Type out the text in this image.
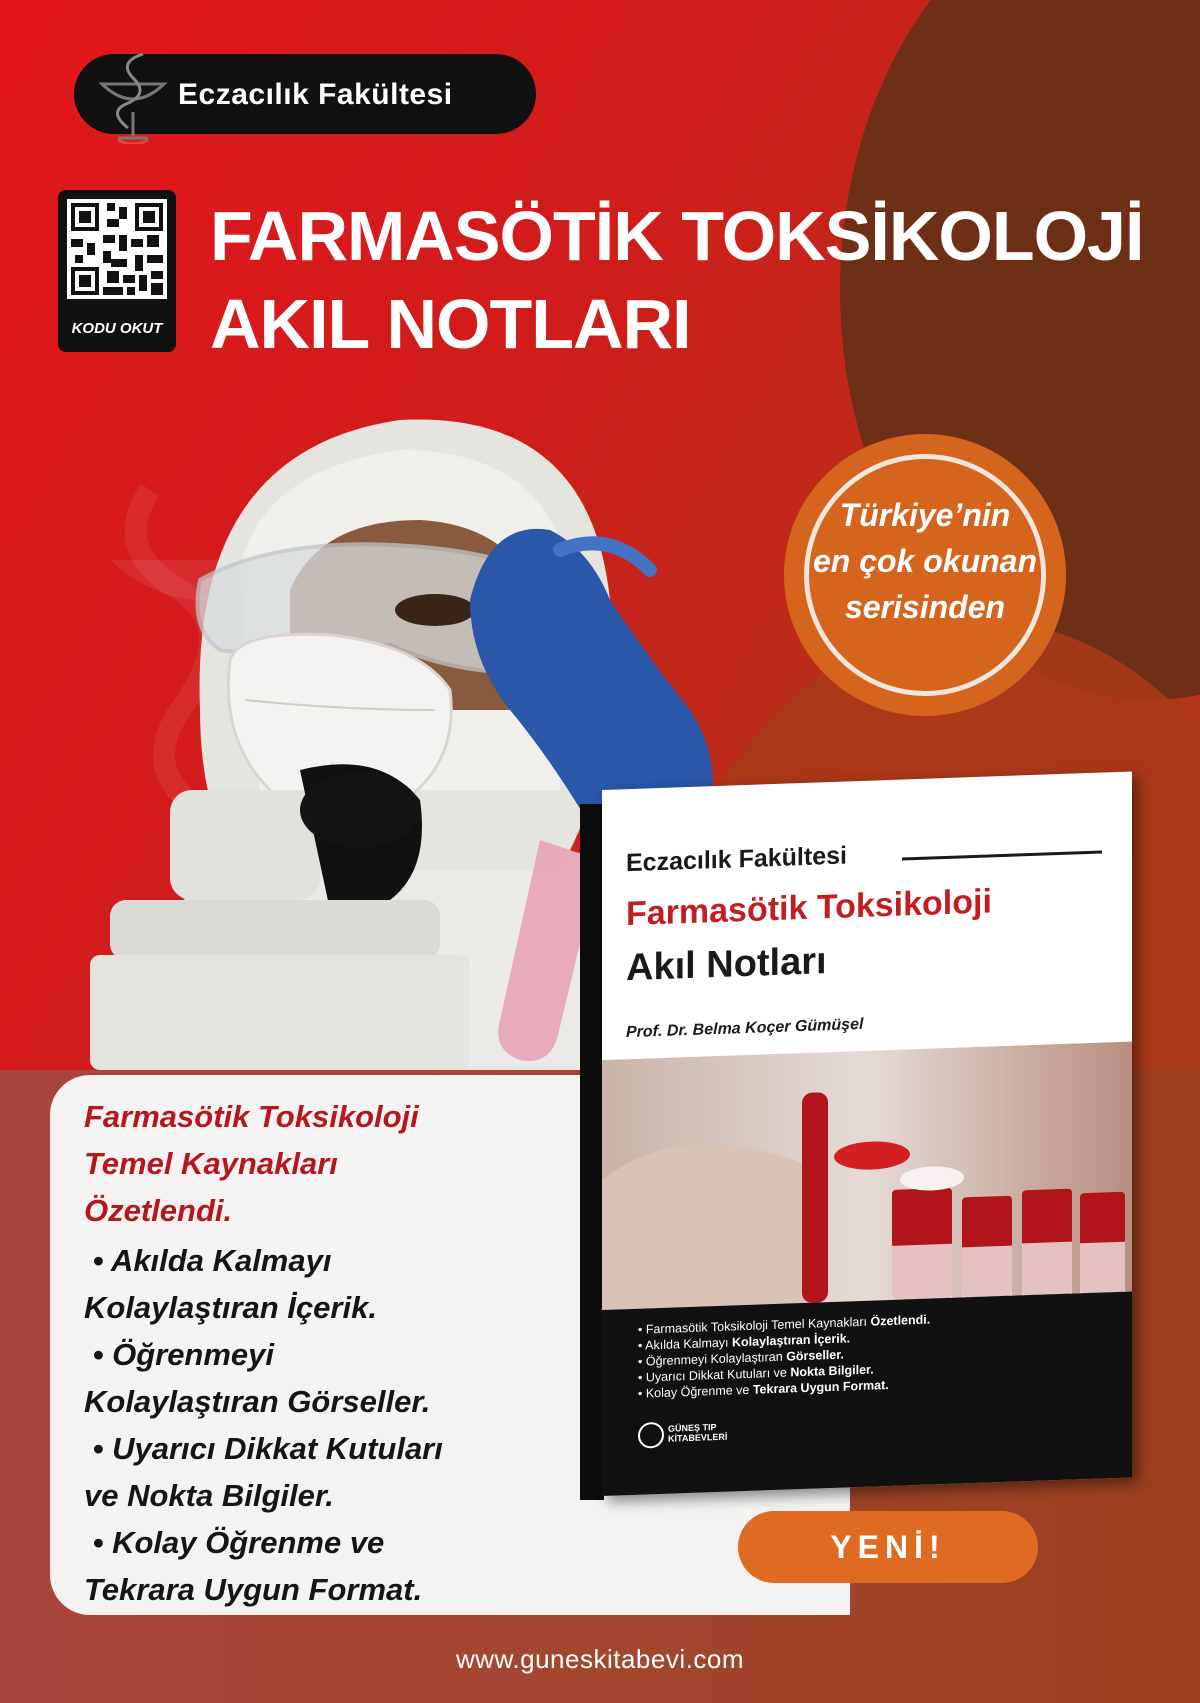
Eczacılık Fakültesi
KODU OKUT
FARMASÖTİK TOKSİKOLOJİ
AKIL NOTLARI
Türkiye’nin
en çok okunan
serisinden
Farmasötik Toksikoloji
Temel Kaynakları
Özetlendi.
• Akılda Kalmayı
Kolaylaştıran İçerik.
• Öğrenmeyi
Kolaylaştıran Görseller.
• Uyarıcı Dikkat Kutuları
ve Nokta Bilgiler.
• Kolay Öğrenme ve
Tekrara Uygun Format.
Eczacılık Fakültesi
Farmasötik Toksikoloji
Akıl Notları
Prof. Dr. Belma Koçer Gümüşel
• Farmasötik Toksikoloji Temel Kaynakları Özetlendi.
• Akılda Kalmayı Kolaylaştıran İçerik.
• Öğrenmeyi Kolaylaştıran Görseller.
• Uyarıcı Dikkat Kutuları ve Nokta Bilgiler.
• Kolay Öğrenme ve Tekrara Uygun Format.
GÜNEŞ TIP
KİTABEVLERİ
YENİ!
www.guneskitabevi.com
